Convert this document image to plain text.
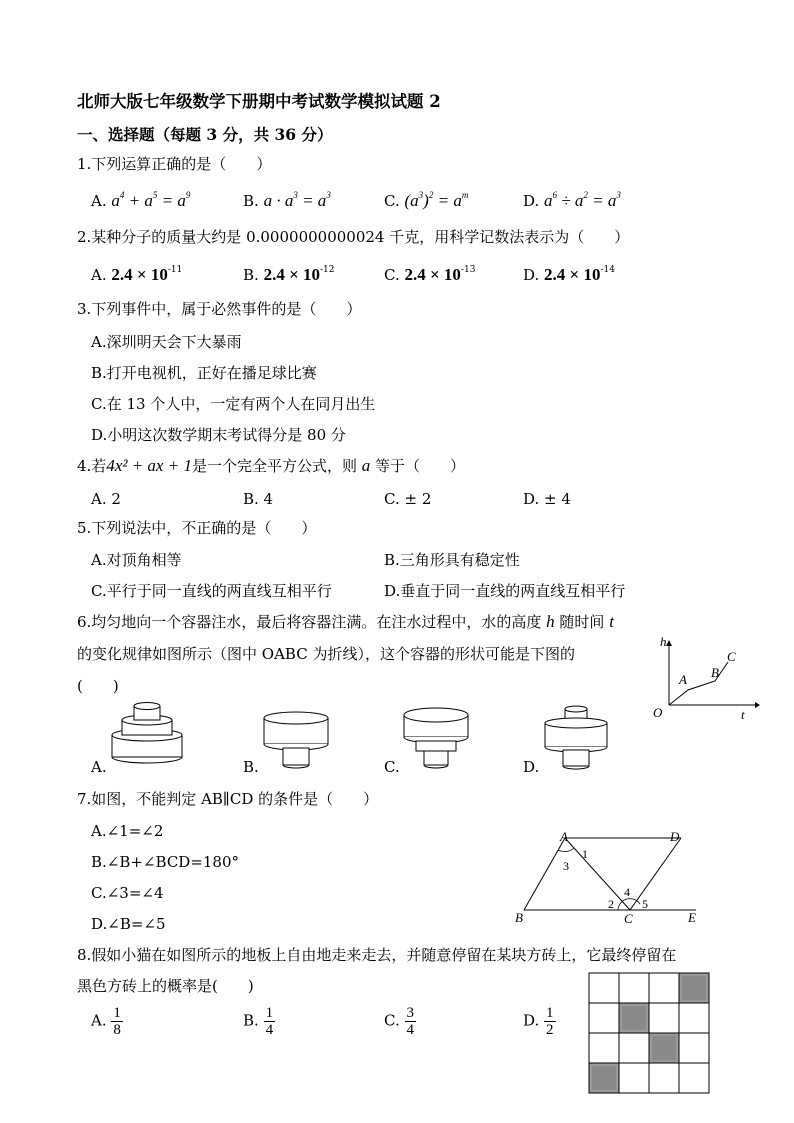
北师大版七年级数学下册期中考试数学模拟试题 2
一、选择题（每题 3 分，共 36 分）
1.下列运算正确的是（　　）
A. $a^4 + a^5 = a^9$	B. $a \cdot a^3 = a^3$	C. $(a^3)^2 = a^m$	D. $a^6 \div a^2 = a^3$
2.某种分子的质量大约是 0.0000000000024 千克，用科学记数法表示为（　　）
A. $2.4 \times 10^{-11}$	B. $2.4 \times 10^{-12}$	C. $2.4 \times 10^{-13}$	D. $2.4 \times 10^{-14}$
3.下列事件中，属于必然事件的是（　　）
A.深圳明天会下大暴雨
B.打开电视机，正好在播足球比赛
C.在 13 个人中，一定有两个人在同月出生
D.小明这次数学期末考试得分是 80 分
4.若4x² + ax + 1是一个完全平方公式，则 a 等于（　　）
A. 2	B. 4	C. ± 2	D. ± 4
5.下列说法中，不正确的是（　　）
A.对顶角相等	B.三角形具有稳定性
C.平行于同一直线的两直线互相平行	D.垂直于同一直线的两直线互相平行
6.均匀地向一个容器注水，最后将容器注满。在注水过程中，水的高度 h 随时间 t
的变化规律如图所示（图中 OABC 为折线），这个容器的形状可能是下图的
(　　)
h
t
O
A B
C
A.	B.	C.	D.
7.如图，不能判定 AB∥CD 的条件是（　　）
A.∠1=∠2
B.∠B+∠BCD=180°
C.∠3=∠4
D.∠B=∠5
A	D
B	C	E
1
3
2
4
5
8.假如小猫在如图所示的地板上自由地走来走去，并随意停留在某块方砖上，它最终停留在
黑色方砖上的概率是(　　)
A. $\frac{1}{8}$	B. $\frac{1}{4}$	C. $\frac{3}{4}$	D. $\frac{1}{2}$
